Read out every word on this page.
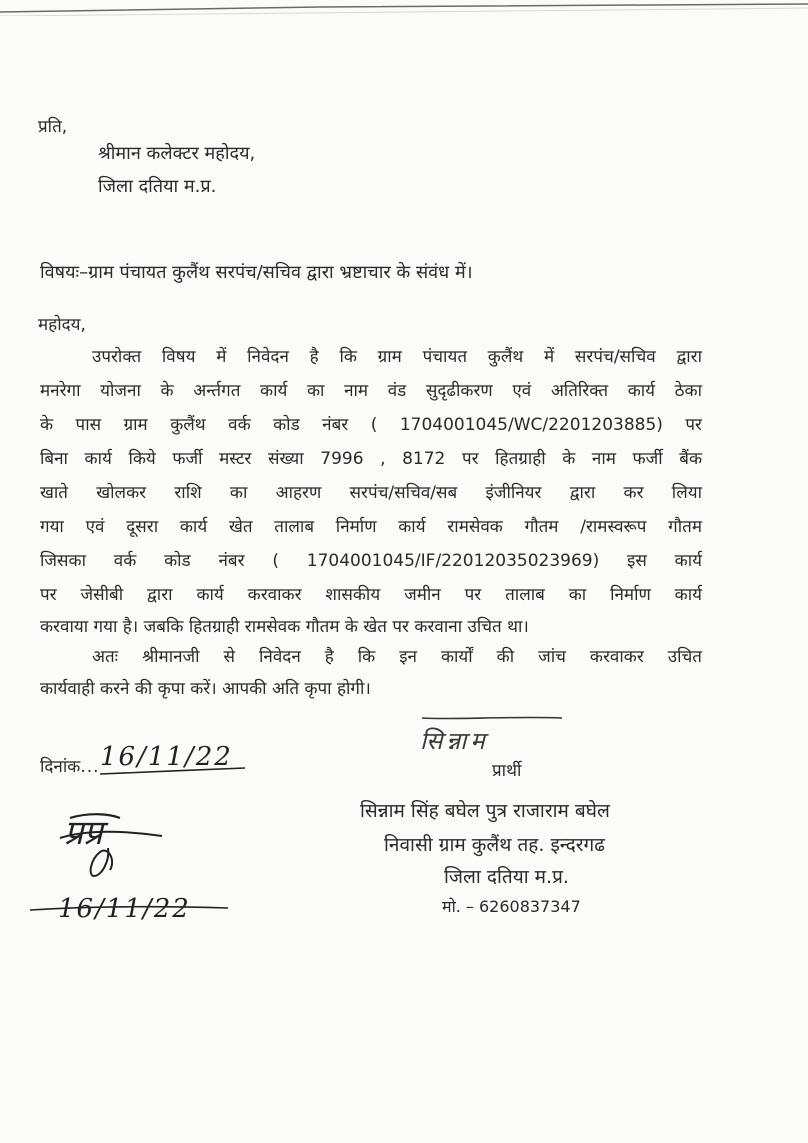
प्रति,
श्रीमान कलेक्टर महोदय,
जिला दतिया म.प्र.
विषयः–ग्राम पंचायत कुलैंथ सरपंच/सचिव द्वारा भ्रष्टाचार के संवंध में।
महोदय,
उपरोक्त विषय में निवेदन है कि ग्राम पंचायत कुलैंथ में सरपंच/सचिव द्वारा
मनरेगा योजना के अर्न्तगत कार्य का नाम वंड सुदृढीकरण एवं अतिरिक्त कार्य ठेका
के पास ग्राम कुलैंथ वर्क कोड नंबर ( 1704001045/WC/2201203885) पर
बिना कार्य किये फर्जी मस्टर संख्या 7996 , 8172 पर हितग्राही के नाम फर्जी बैंक
खाते खोलकर राशि का आहरण सरपंच/सचिव/सब इंजीनियर द्वारा कर लिया
गया एवं दूसरा कार्य खेत तालाब निर्माण कार्य रामसेवक गौतम /रामस्वरूप गौतम
जिसका वर्क कोड नंबर ( 1704001045/IF/22012035023969) इस कार्य
पर जेसीबी द्वारा कार्य करवाकर शासकीय जमीन पर तालाब का निर्माण कार्य
करवाया गया है। जबकि हितग्राही रामसेवक गौतम के खेत पर करवाना उचित था।
अतः श्रीमानजी से निवेदन है कि इन कार्यों की जांच करवाकर उचित
कार्यवाही करने की कृपा करें। आपकी अति कृपा होगी।
सिन्नाम
प्रार्थी
दिनांक... 16/11/22
सिन्नाम सिंह बघेल पुत्र राजाराम बघेल
निवासी ग्राम कुलैंथ तह. इन्दरगढ
जिला दतिया म.प्र.
मो. – 6260837347
प्रप्र
16/11/22
